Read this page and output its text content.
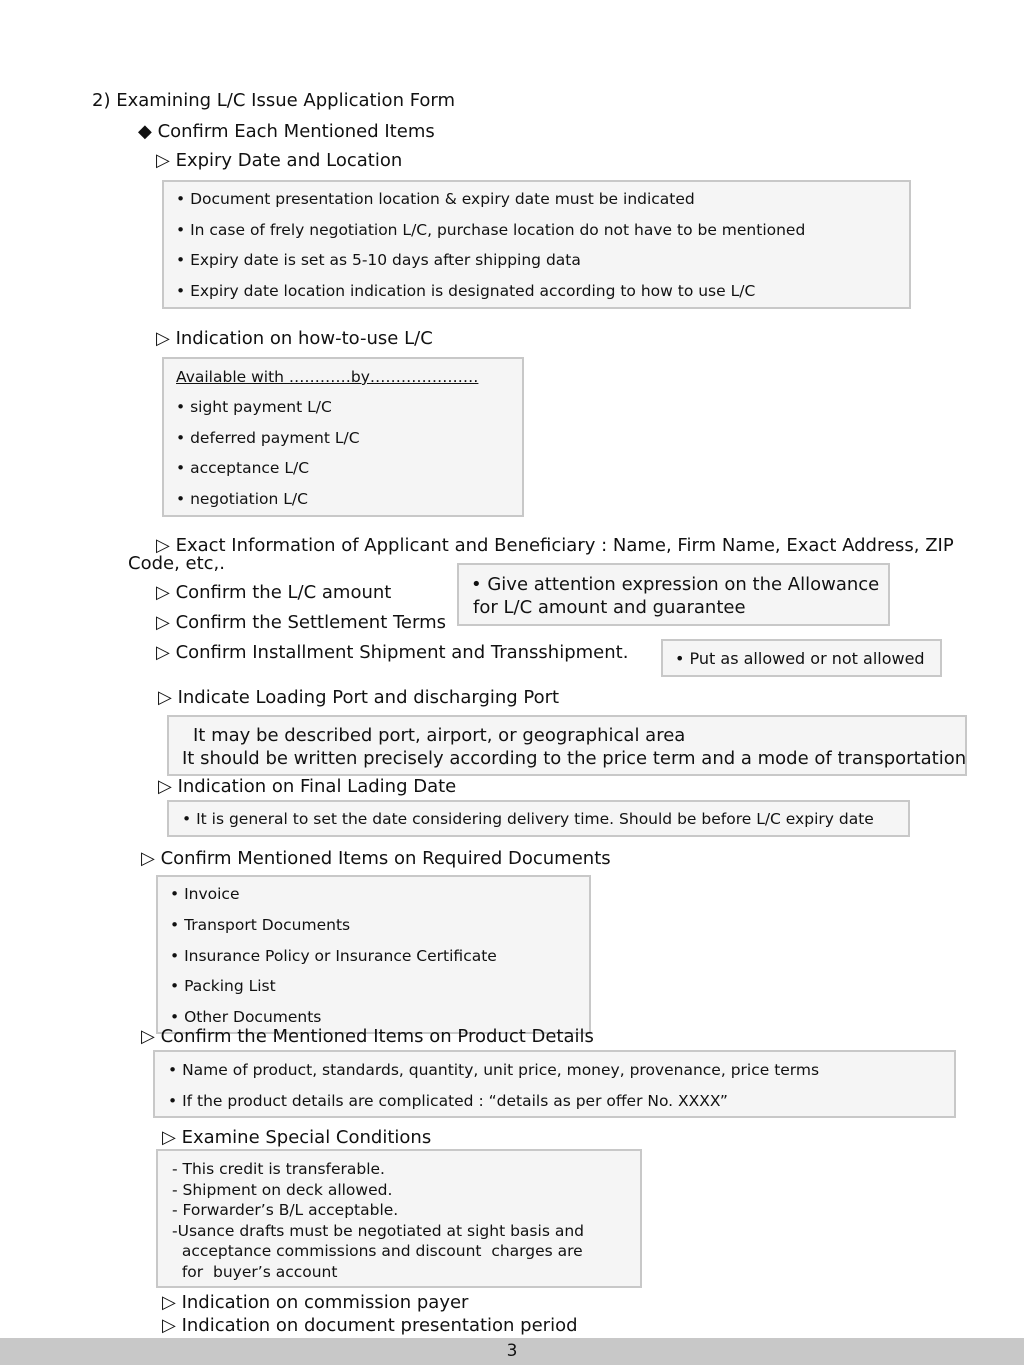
2) Examining L/C Issue Application Form
◆ Confirm Each Mentioned Items
▷ Expiry Date and Location
• Document presentation location & expiry date must be indicated
• In case of frely negotiation L/C, purchase location do not have to be mentioned
• Expiry date is set as 5-10 days after shipping data
• Expiry date location indication is designated according to how to use L/C
▷ Indication on how-to-use L/C
Available with …………by…………………
• sight payment L/C
• deferred payment L/C
• acceptance L/C
• negotiation L/C
▷ Exact Information of Applicant and Beneficiary : Name, Firm Name, Exact Address, ZIP
Code, etc,.
▷ Confirm the L/C amount	• Give attention expression on the Allowance
for L/C amount and guarantee
▷ Confirm the Settlement Terms
▷ Confirm Installment Shipment and Transshipment.	• Put as allowed or not allowed
▷ Indicate Loading Port and discharging Port
It may be described port, airport, or geographical area
It should be written precisely according to the price term and a mode of transportation
▷ Indication on Final Lading Date
• It is general to set the date considering delivery time. Should be before L/C expiry date
▷ Confirm Mentioned Items on Required Documents
• Invoice
• Transport Documents
• Insurance Policy or Insurance Certificate
• Packing List
• Other Documents
▷ Confirm the Mentioned Items on Product Details
• Name of product, standards, quantity, unit price, money, provenance, price terms
• If the product details are complicated : “details as per offer No. XXXX”
▷ Examine Special Conditions
- This credit is transferable.
- Shipment on deck allowed.
- Forwarder’s B/L acceptable.
-Usance drafts must be negotiated at sight basis and
acceptance commissions and discount  charges are
for  buyer’s account
▷ Indication on commission payer
▷ Indication on document presentation period
3
